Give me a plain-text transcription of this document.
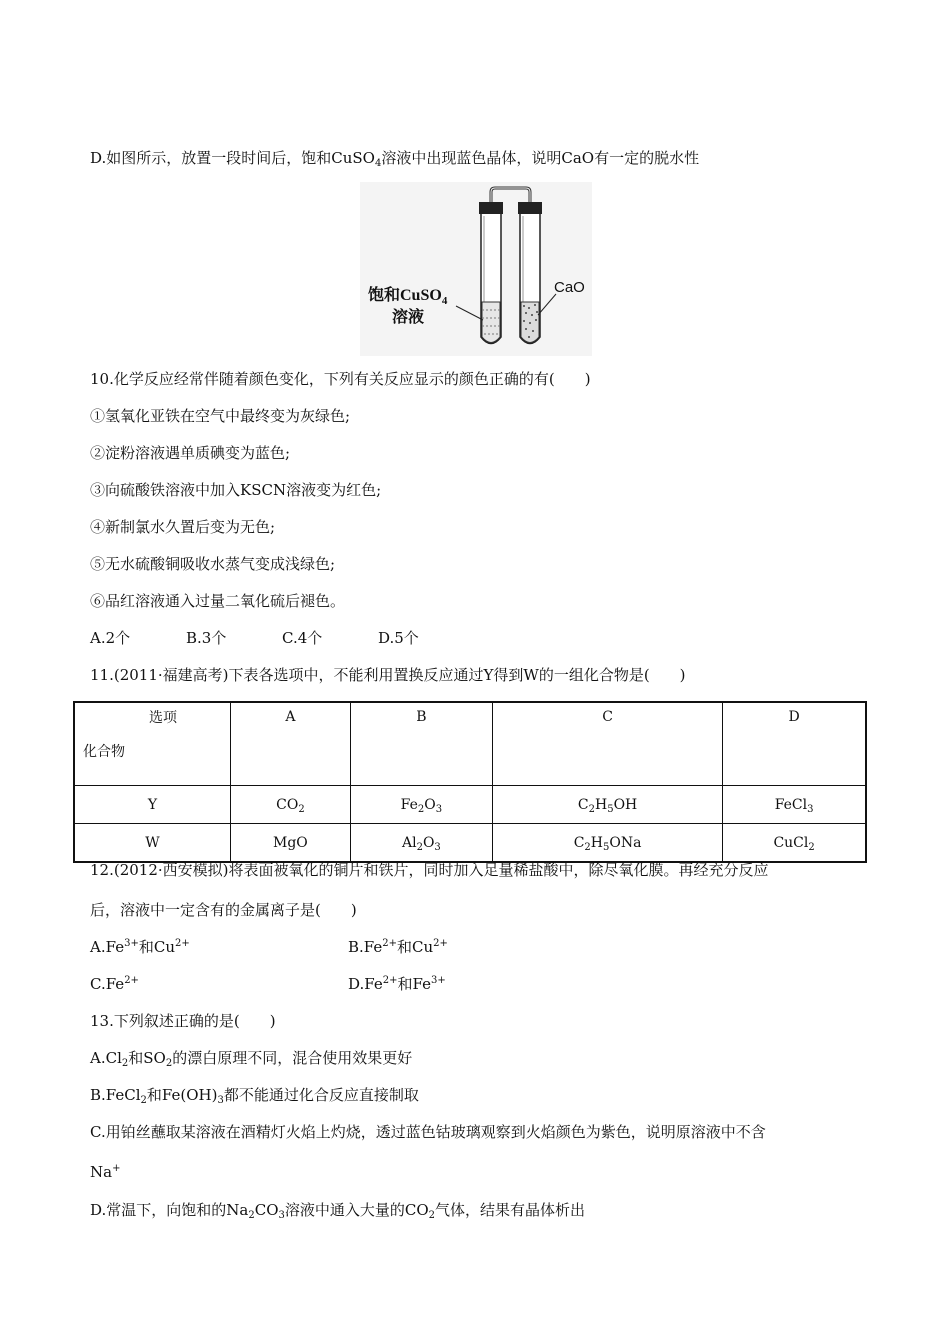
D.如图所示，放置一段时间后，饱和CuSO$_4$溶液中出现蓝色晶体，说明CaO有一定的脱水性
饱和CuSO$_4$
溶液
CaO
10.化学反应经常伴随着颜色变化，下列有关反应显示的颜色正确的有(　　)
①氢氧化亚铁在空气中最终变为灰绿色;
②淀粉溶液遇单质碘变为蓝色;
③向硫酸铁溶液中加入KSCN溶液变为红色;
④新制氯水久置后变为无色;
⑤无水硫酸铜吸收水蒸气变成浅绿色;
⑥品红溶液通入过量二氧化硫后褪色。
A.2个	B.3个	C.4个	D.5个
11.(2011·福建高考)下表各选项中，不能利用置换反应通过Y得到W的一组化合物是(　　)
选项
化合物	A	B	C	D
Y	$CO_2$	$Fe_2O_3$	$C_2H_5OH$	FeCl$_3$
W	MgO	$Al_2O_3$	$C_2H_5ONa$	CuCl$_2$
12.(2012·西安模拟)将表面被氧化的铜片和铁片，同时加入足量稀盐酸中，除尽氧化膜。再经充分反应
后，溶液中一定含有的金属离子是(　　)
$A.Fe^{3+}$和$Cu^{2+}$	$B.Fe^{2+}$和$Cu^{2+}$
$C.Fe^{2+}$	$D.Fe^{2+}$和$Fe^{3+}$
13.下列叙述正确的是(　　)
$A.Cl_2$和$SO_2$的漂白原理不同，混合使用效果更好
B.FeCl$_2$和$Fe(OH)_3$都不能通过化合反应直接制取
C.用铂丝蘸取某溶液在酒精灯火焰上灼烧，透过蓝色钴玻璃观察到火焰颜色为紫色，说明原溶液中不含
Na+
D.常温下，向饱和的$Na_2CO_3$溶液中通入大量的$CO_2$气体，结果有晶体析出
